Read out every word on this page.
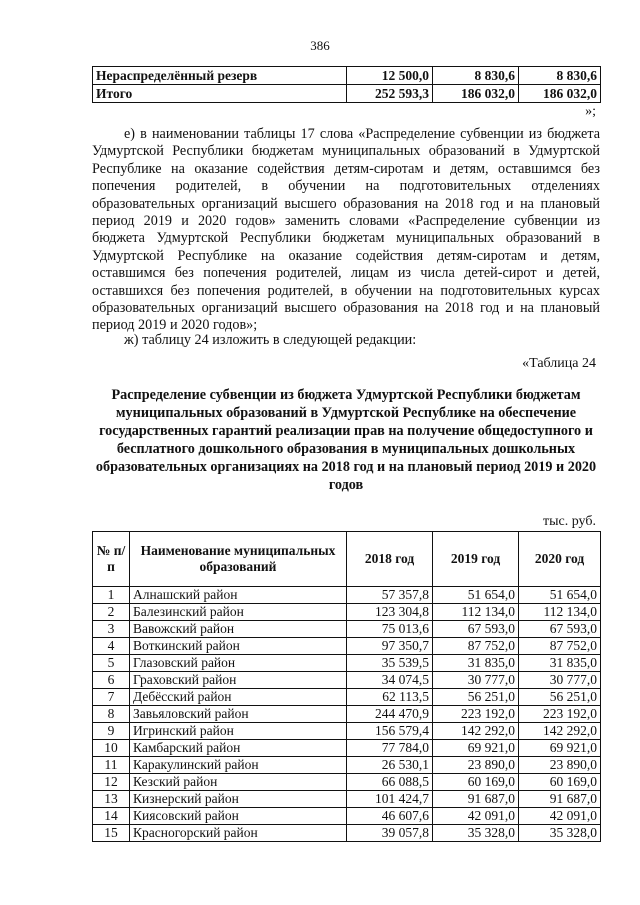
386
Нераспределённый резерв	12 500,0	8 830,6	8 830,6
Итого	252 593,3	186 032,0	186 032,0
»;

е) в наименовании таблицы 17 слова «Распределение субвенции из бюджета Удмуртской Республики бюджетам муниципальных образований в Удмуртской Республике на оказание содействия детям-сиротам и детям, оставшимся без попечения родителей, в обучении на подготовительных отделениях образовательных организаций высшего образования на 2018 год и на плановый период 2019 и 2020 годов» заменить словами «Распределение субвенции из бюджета Удмуртской Республики бюджетам муниципальных образований в Удмуртской Республике на оказание содействия детям-сиротам и детям, оставшимся без попечения родителей, лицам из числа детей-сирот и детей, оставшихся без попечения родителей, в обучении на подготовительных курсах образовательных организаций высшего образования на 2018 год и на плановый период 2019 и 2020 годов»;

ж) таблицу 24 изложить в следующей редакции:

«Таблица 24

Распределение субвенции из бюджета Удмуртской Республики бюджетам муниципальных образований в Удмуртской Республике на обеспечение государственных гарантий реализации прав на получение общедоступного и бесплатного дошкольного образования в муниципальных дошкольных образовательных организациях на 2018 год и на плановый период 2019 и 2020 годов

тыс. руб.
№ п/п	Наименование муниципальных образований	2018 год	2019 год	2020 год
1	Алнашский район	57 357,8	51 654,0	51 654,0
2	Балезинский район	123 304,8	112 134,0	112 134,0
3	Вавожский район	75 013,6	67 593,0	67 593,0
4	Воткинский район	97 350,7	87 752,0	87 752,0
5	Глазовский район	35 539,5	31 835,0	31 835,0
6	Граховский район	34 074,5	30 777,0	30 777,0
7	Дебёсский район	62 113,5	56 251,0	56 251,0
8	Завьяловский район	244 470,9	223 192,0	223 192,0
9	Игринский район	156 579,4	142 292,0	142 292,0
10	Камбарский район	77 784,0	69 921,0	69 921,0
11	Каракулинский район	26 530,1	23 890,0	23 890,0
12	Кезский район	66 088,5	60 169,0	60 169,0
13	Кизнерский район	101 424,7	91 687,0	91 687,0
14	Киясовский район	46 607,6	42 091,0	42 091,0
15	Красногорский район	39 057,8	35 328,0	35 328,0
